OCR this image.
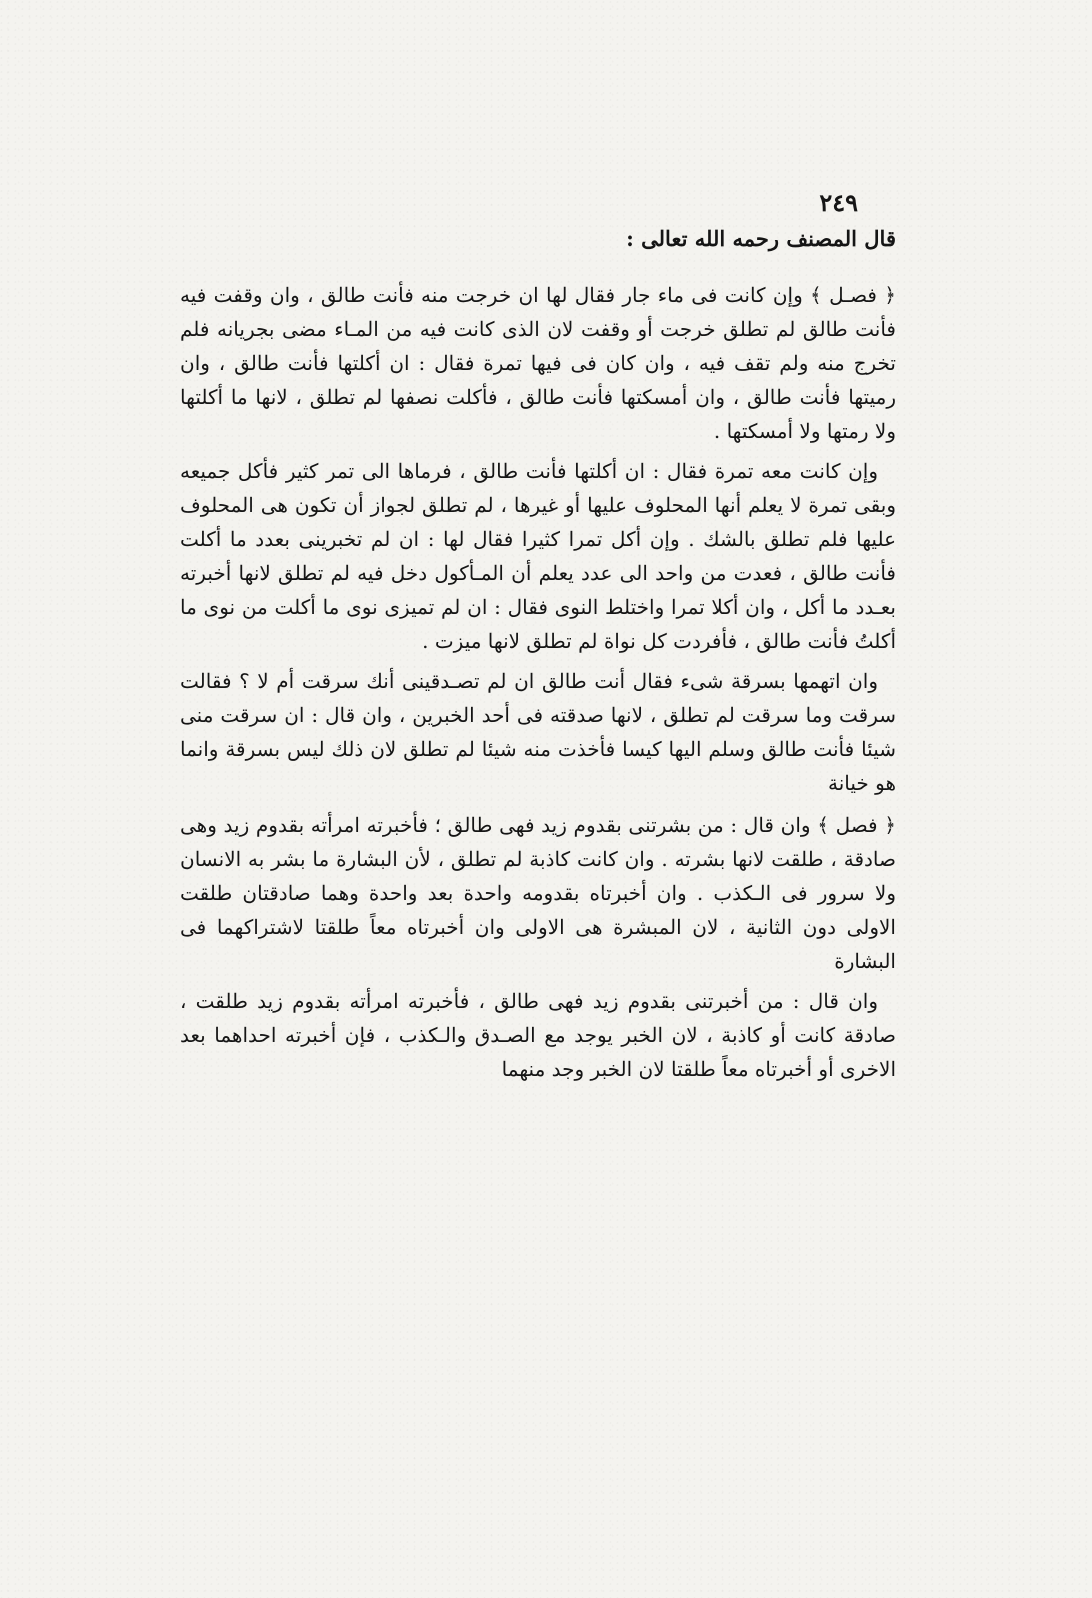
٢٤٩

قال المصنف رحمه الله تعالى :

﴿ فصـل ﴾ وإن كانت فى ماء جار فقال لها ان خرجت منه فأنت طالق ، وان وقفت فيه فأنت طالق لم تطلق خرجت أو وقفت لان الذى كانت فيه من المـاء مضى بجريانه فلم تخرج منه ولم تقف فيه ، وان كان فى فيها تمرة فقال : ان أكلتها فأنت طالق ، وان رميتها فأنت طالق ، وان أمسكتها فأنت طالق ، فأكلت نصفها لم تطلق ، لانها ما أكلتها ولا رمتها ولا أمسكتها .

وإن كانت معه تمرة فقال : ان أكلتها فأنت طالق ، فرماها الى تمر كثير فأكل جميعه وبقى تمرة لا يعلم أنها المحلوف عليها أو غيرها ، لم تطلق لجواز أن تكون هى المحلوف عليها فلم تطلق بالشك . وإن أكل تمرا كثيرا فقال لها : ان لم تخبرينى بعدد ما أكلت فأنت طالق ، فعدت من واحد الى عدد يعلم أن المـأكول دخل فيه لم تطلق لانها أخبرته بعـدد ما أكل ، وان أكلا تمرا واختلط النوى فقال : ان لم تميزى نوى ما أكلت من نوى ما أكلتُ فأنت طالق ، فأفردت كل نواة لم تطلق لانها ميزت .

وان اتهمها بسرقة شىء فقال أنت طالق ان لم تصـدقينى أنك سرقت أم لا ؟ فقالت سرقت وما سرقت لم تطلق ، لانها صدقته فى أحد الخبرين ، وان قال : ان سرقت منى شيئا فأنت طالق وسلم اليها كيسا فأخذت منه شيئا لم تطلق لان ذلك ليس بسرقة وانما هو خيانة

﴿ فصل ﴾ وان قال : من بشرتنى بقدوم زيد فهى طالق ؛ فأخبرته امرأته بقدوم زيد وهى صادقة ، طلقت لانها بشرته . وان كانت كاذبة لم تطلق ، لأن البشارة ما بشر به الانسان ولا سرور فى الـكذب . وان أخبرتاه بقدومه واحدة بعد واحدة وهما صادقتان طلقت الاولى دون الثانية ، لان المبشرة هى الاولى وان أخبرتاه معاً طلقتا لاشتراكهما فى البشارة

وان قال : من أخبرتنى بقدوم زيد فهى طالق ، فأخبرته امرأته بقدوم زيد طلقت ، صادقة كانت أو كاذبة ، لان الخبر يوجد مع الصـدق والـكذب ، فإن أخبرته احداهما بعد الاخرى أو أخبرتاه معاً طلقتا لان الخبر وجد منهما
